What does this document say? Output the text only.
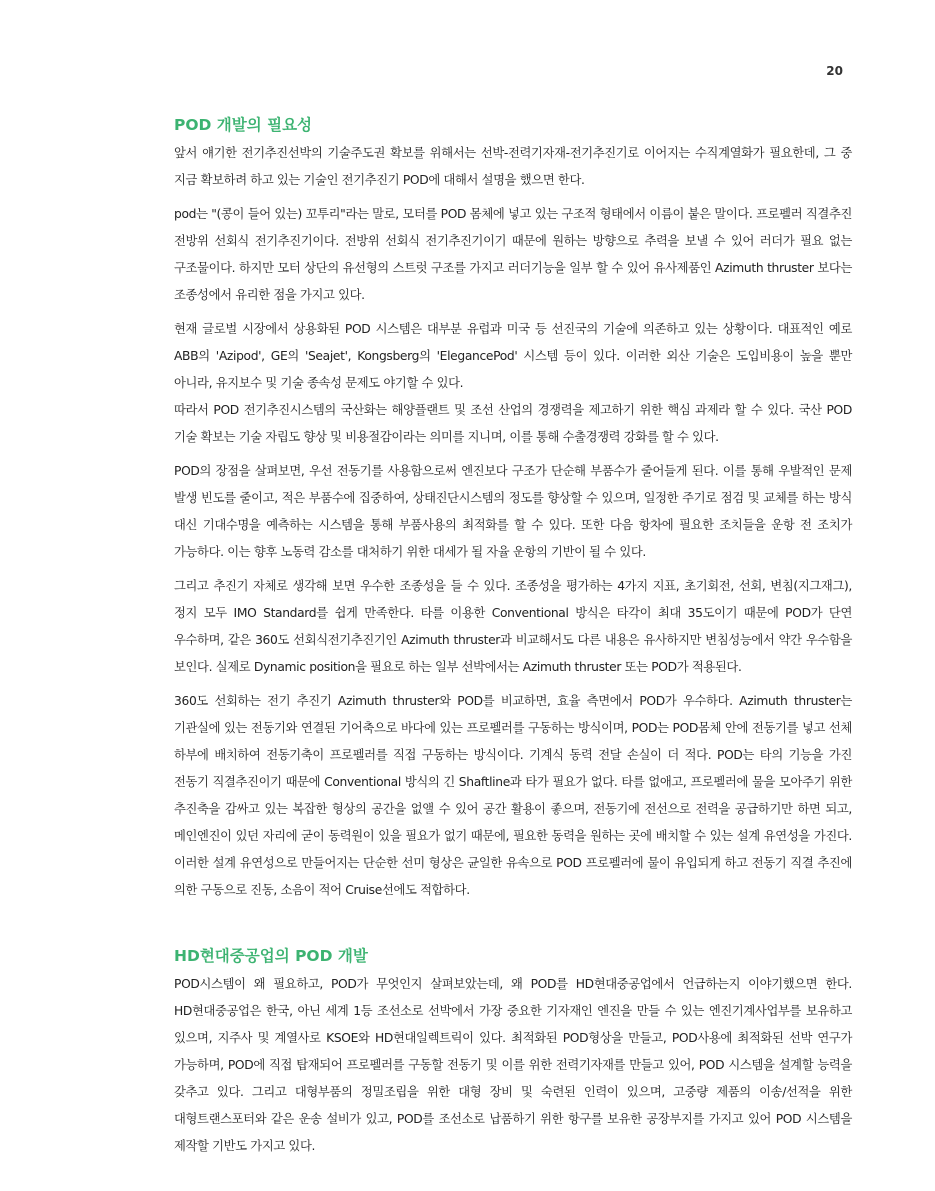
20
POD 개발의 필요성

앞서 얘기한 전기추진선박의 기술주도권 확보를 위해서는 선박-전력기자재-전기추진기로 이어지는 수직계열화가 필요한데, 그 중 지금 확보하려 하고 있는 기술인 전기추진기 POD에 대해서 설명을 했으면 한다.

pod는 "(콩이 들어 있는) 꼬투리"라는 말로, 모터를 POD 몸체에 넣고 있는 구조적 형태에서 이름이 붙은 말이다. 프로펠러 직결추진 전방위 선회식 전기추진기이다. 전방위 선회식 전기추진기이기 때문에 원하는 방향으로 추력을 보낼 수 있어 러더가 필요 없는 구조물이다. 하지만 모터 상단의 유선형의 스트럿 구조를 가지고 러더기능을 일부 할 수 있어 유사제품인 Azimuth thruster 보다는 조종성에서 유리한 점을 가지고 있다.

현재 글로벌 시장에서 상용화된 POD 시스템은 대부분 유럽과 미국 등 선진국의 기술에 의존하고 있는 상황이다. 대표적인 예로 ABB의 'Azipod', GE의 'Seajet', Kongsberg의 'ElegancePod' 시스템 등이 있다. 이러한 외산 기술은 도입비용이 높을 뿐만 아니라, 유지보수 및 기술 종속성 문제도 야기할 수 있다.

따라서 POD 전기추진시스템의 국산화는 해양플랜트 및 조선 산업의 경쟁력을 제고하기 위한 핵심 과제라 할 수 있다. 국산 POD 기술 확보는 기술 자립도 향상 및 비용절감이라는 의미를 지니며, 이를 통해 수출경쟁력 강화를 할 수 있다.

POD의 장점을 살펴보면, 우선 전동기를 사용함으로써 엔진보다 구조가 단순해 부품수가 줄어들게 된다. 이를 통해 우발적인 문제 발생 빈도를 줄이고, 적은 부품수에 집중하여, 상태진단시스템의 정도를 향상할 수 있으며, 일정한 주기로 점검 및 교체를 하는 방식 대신 기대수명을 예측하는 시스템을 통해 부품사용의 최적화를 할 수 있다. 또한 다음 항차에 필요한 조치들을 운항 전 조치가 가능하다. 이는 향후 노동력 감소를 대처하기 위한 대세가 될 자율 운항의 기반이 될 수 있다.

그리고 추진기 자체로 생각해 보면 우수한 조종성을 들 수 있다. 조종성을 평가하는 4가지 지표, 초기회전, 선회, 변침(지그재그), 정지 모두 IMO Standard를 쉽게 만족한다. 타를 이용한 Conventional 방식은 타각이 최대 35도이기 때문에 POD가 단연 우수하며, 같은 360도 선회식전기추진기인 Azimuth thruster과 비교해서도 다른 내용은 유사하지만 변침성능에서 약간 우수함을 보인다. 실제로 Dynamic position을 필요로 하는 일부 선박에서는 Azimuth thruster 또는 POD가 적용된다.

360도 선회하는 전기 추진기 Azimuth thruster와 POD를 비교하면, 효율 측면에서 POD가 우수하다. Azimuth thruster는 기관실에 있는 전동기와 연결된 기어축으로 바다에 있는 프로펠러를 구동하는 방식이며, POD는 POD몸체 안에 전동기를 넣고 선체 하부에 배치하여 전동기축이 프로펠러를 직접 구동하는 방식이다. 기계식 동력 전달 손실이 더 적다. POD는 타의 기능을 가진 전동기 직결추진이기 때문에 Conventional 방식의 긴 Shaftline과 타가 필요가 없다. 타를 없애고, 프로펠러에 물을 모아주기 위한 추진축을 감싸고 있는 복잡한 형상의 공간을 없앨 수 있어 공간 활용이 좋으며, 전동기에 전선으로 전력을 공급하기만 하면 되고, 메인엔진이 있던 자리에 굳이 동력원이 있을 필요가 없기 때문에, 필요한 동력을 원하는 곳에 배치할 수 있는 설계 유연성을 가진다. 이러한 설계 유연성으로 만들어지는 단순한 선미 형상은 균일한 유속으로 POD 프로펠러에 물이 유입되게 하고 전동기 직결 추진에 의한 구동으로 진동, 소음이 적어 Cruise선에도 적합하다.

HD현대중공업의 POD 개발

POD시스템이 왜 필요하고, POD가 무엇인지 살펴보았는데, 왜 POD를 HD현대중공업에서 언급하는지 이야기했으면 한다. HD현대중공업은 한국, 아닌 세계 1등 조선소로 선박에서 가장 중요한 기자재인 엔진을 만들 수 있는 엔진기계사업부를 보유하고 있으며, 지주사 및 계열사로 KSOE와 HD현대일렉트릭이 있다. 최적화된 POD형상을 만들고, POD사용에 최적화된 선박 연구가 가능하며, POD에 직접 탑재되어 프로펠러를 구동할 전동기 및 이를 위한 전력기자재를 만들고 있어, POD 시스템을 설계할 능력을 갖추고 있다. 그리고 대형부품의 정밀조립을 위한 대형 장비 및 숙련된 인력이 있으며, 고중량 제품의 이송/선적을 위한 대형트랜스포터와 같은 운송 설비가 있고, POD를 조선소로 납품하기 위한 항구를 보유한 공장부지를 가지고 있어 POD 시스템을 제작할 기반도 가지고 있다.
